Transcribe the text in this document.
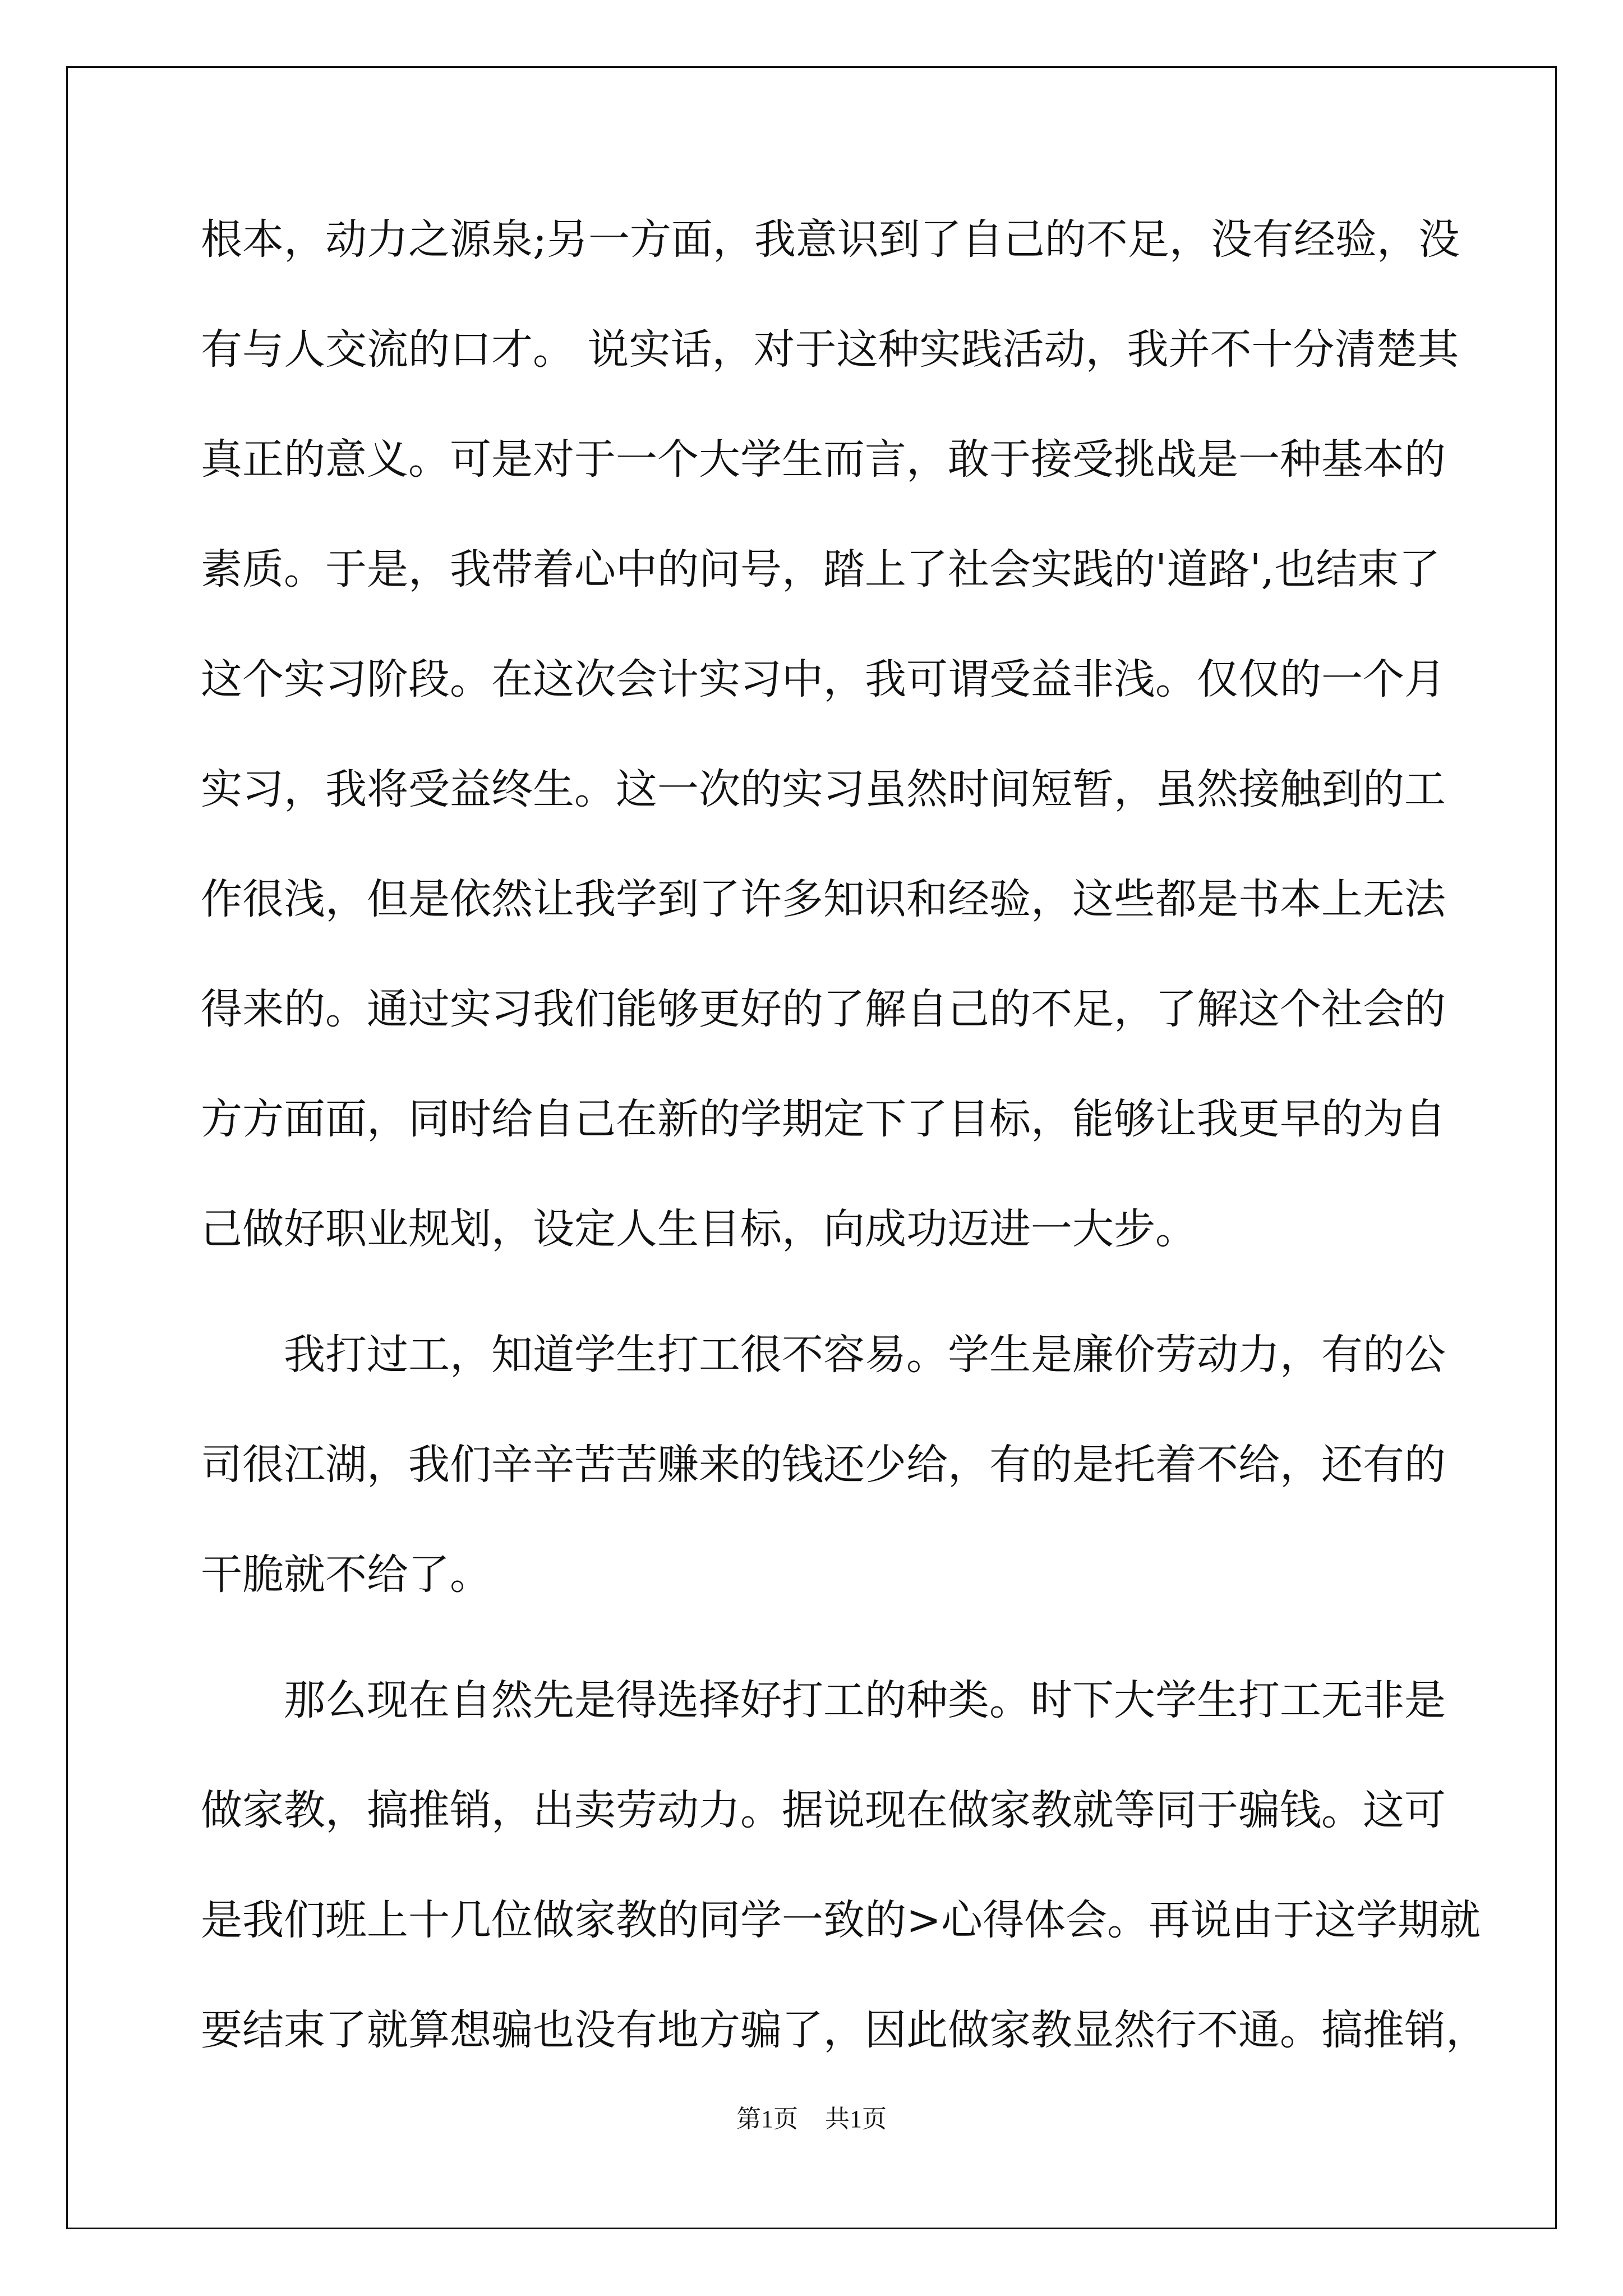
根本，动力之源泉;另一方面，我意识到了自己的不足，没有经验，没
有与人交流的口才。 说实话，对于这种实践活动，我并不十分清楚其
真正的意义。可是对于一个大学生而言，敢于接受挑战是一种基本的
素质。于是，我带着心中的问号，踏上了社会实践的'道路',也结束了
这个实习阶段。在这次会计实习中，我可谓受益非浅。仅仅的一个月
实习，我将受益终生。这一次的实习虽然时间短暂，虽然接触到的工
作很浅，但是依然让我学到了许多知识和经验，这些都是书本上无法
得来的。通过实习我们能够更好的了解自己的不足，了解这个社会的
方方面面，同时给自己在新的学期定下了目标，能够让我更早的为自
己做好职业规划，设定人生目标，向成功迈进一大步。
我打过工，知道学生打工很不容易。学生是廉价劳动力，有的公
司很江湖，我们辛辛苦苦赚来的钱还少给，有的是托着不给，还有的
干脆就不给了。
那么现在自然先是得选择好打工的种类。时下大学生打工无非是
做家教，搞推销，出卖劳动力。据说现在做家教就等同于骗钱。这可
是我们班上十几位做家教的同学一致的>心得体会。再说由于这学期就
要结束了就算想骗也没有地方骗了，因此做家教显然行不通。搞推销，
第1页 共1页
